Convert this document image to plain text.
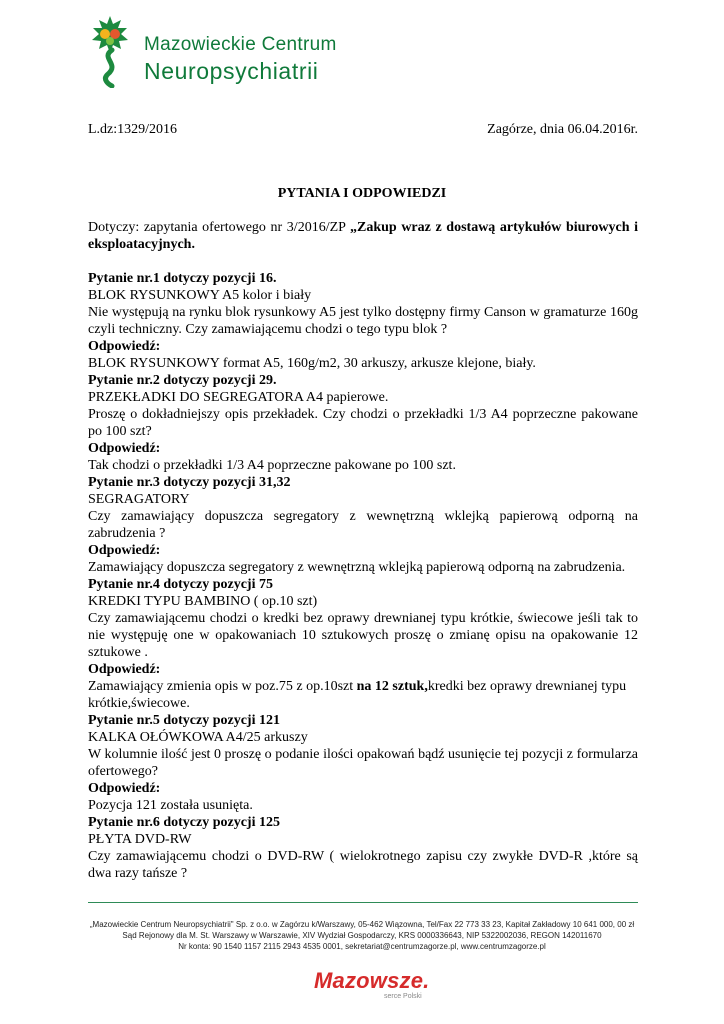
Mazowieckie Centrum
Neuropsychiatrii
L.dz:1329/2016	Zagórze, dnia 06.04.2016r.
PYTANIA I ODPOWIEDZI

Dotyczy: zapytania ofertowego nr 3/2016/ZP „Zakup wraz z dostawą artykułów biurowych i eksploatacyjnych.

Pytanie nr.1 dotyczy pozycji 16.

BLOK RYSUNKOWY A5 kolor i biały

Nie występują na rynku blok rysunkowy A5 jest tylko dostępny firmy Canson w gramaturze 160g czyli techniczny. Czy zamawiającemu chodzi o tego typu blok ?

Odpowiedź:

BLOK RYSUNKOWY format A5, 160g/m2, 30 arkuszy, arkusze klejone, biały.

Pytanie nr.2 dotyczy pozycji 29.

PRZEKŁADKI DO SEGREGATORA A4 papierowe.

Proszę o dokładniejszy opis przekładek. Czy chodzi o przekładki 1/3 A4 poprzeczne pakowane po 100 szt?

Odpowiedź:

Tak chodzi o przekładki 1/3 A4 poprzeczne pakowane po 100 szt.

Pytanie nr.3 dotyczy pozycji 31,32

SEGRAGATORY

Czy zamawiający dopuszcza segregatory z wewnętrzną wklejką papierową odporną na zabrudzenia ?

Odpowiedź:

Zamawiający dopuszcza segregatory z wewnętrzną wklejką papierową odporną na zabrudzenia.

Pytanie nr.4 dotyczy pozycji 75

KREDKI TYPU BAMBINO ( op.10 szt)

Czy zamawiającemu chodzi o kredki bez oprawy drewnianej typu krótkie, świecowe jeśli tak to nie występuję one w opakowaniach 10 sztukowych proszę o zmianę opisu na opakowanie 12 sztukowe .

Odpowiedź:

Zamawiający zmienia opis w poz.75 z op.10szt na 12 sztuk,kredki bez oprawy drewnianej typu krótkie,świecowe.

Pytanie nr.5 dotyczy pozycji 121

KALKA OŁÓWKOWA A4/25 arkuszy

W kolumnie ilość jest 0 proszę o podanie ilości opakowań bądź usunięcie tej pozycji z formularza ofertowego?

Odpowiedź:

Pozycja 121 została usunięta.

Pytanie nr.6 dotyczy pozycji 125

PŁYTA DVD-RW

Czy zamawiającemu chodzi o DVD-RW ( wielokrotnego zapisu czy zwykłe DVD-R ,które są dwa razy tańsze ?

„Mazowieckie Centrum Neuropsychiatrii" Sp. z o.o. w Zagórzu k/Warszawy, 05-462 Wiązowna, Tel/Fax 22 773 33 23, Kapitał Zakładowy 10 641 000, 00 zł
Sąd Rejonowy dla M. St. Warszawy w Warszawie, XIV Wydział Gospodarczy, KRS 0000336643, NIP 5322002036, REGON 142011670
Nr konta: 90 1540 1157 2115 2943 4535 0001, sekretariat@centrumzagorze.pl, www.centrumzagorze.pl
Mazowsze.
serce Polski
